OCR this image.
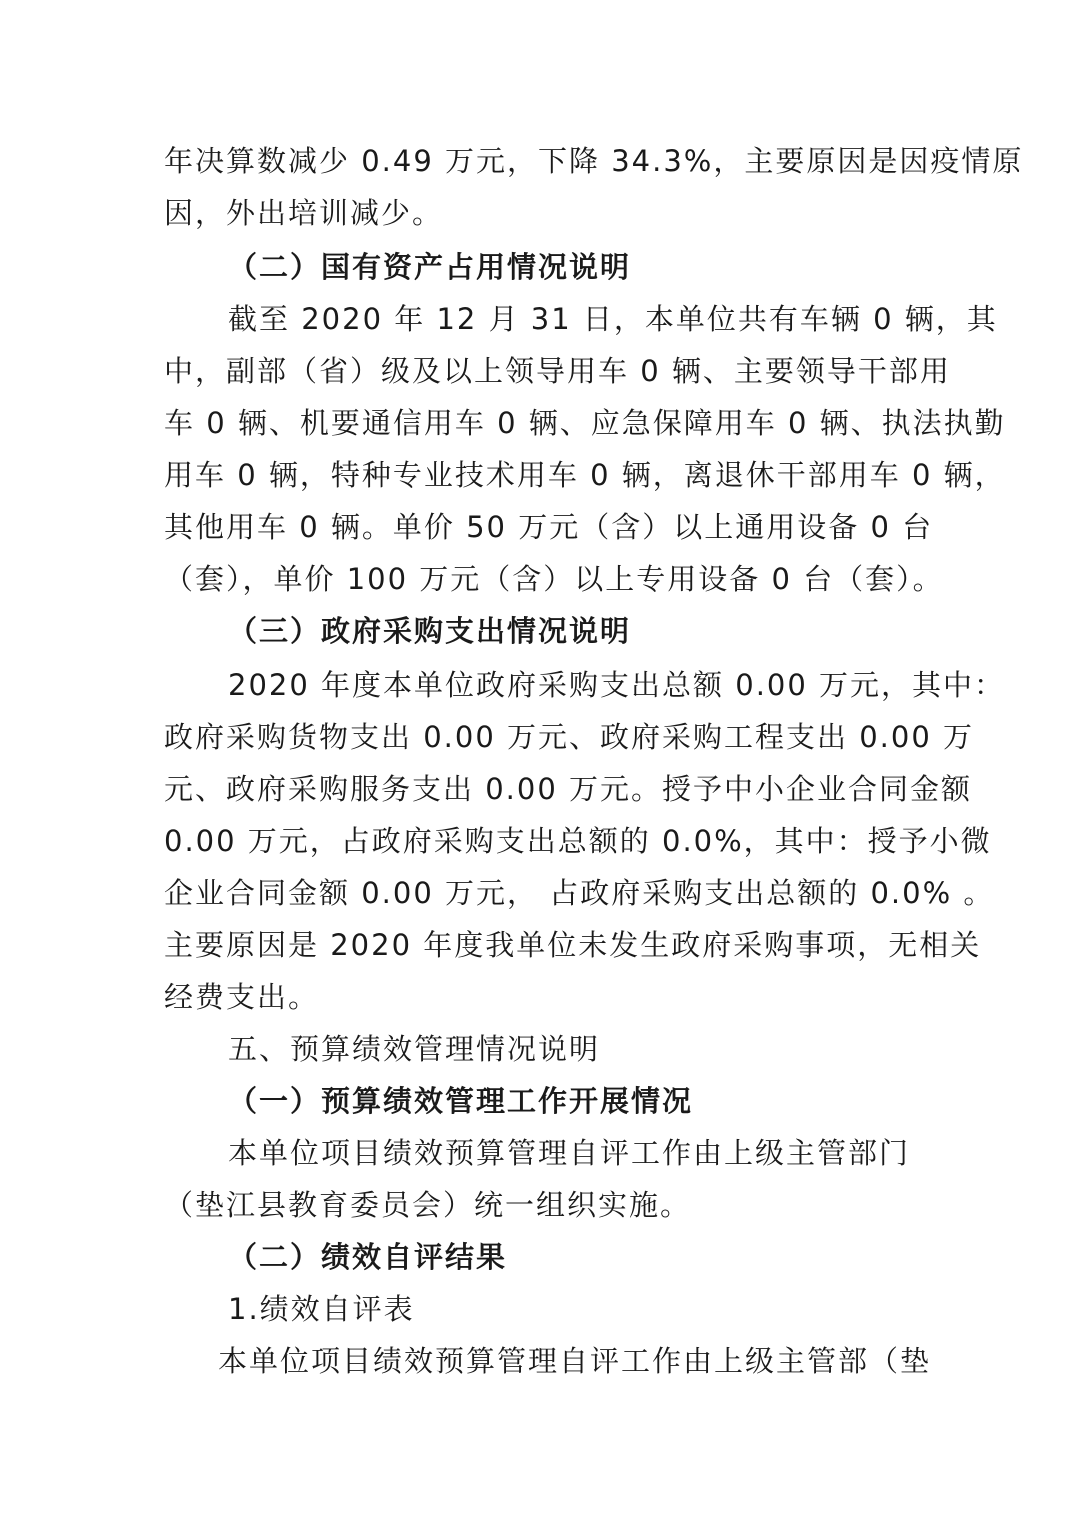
年决算数减少 0.49 万元，下降 34.3%，主要原因是因疫情原
因，外出培训减少。
（二）国有资产占用情况说明
截至 2020 年 12 月 31 日，本单位共有车辆 0 辆，其
中，副部（省）级及以上领导用车 0 辆、主要领导干部用
车 0 辆、机要通信用车 0 辆、应急保障用车 0 辆、执法执勤
用车 0 辆，特种专业技术用车 0 辆，离退休干部用车 0 辆，
其他用车 0 辆。单价 50 万元（含）以上通用设备 0 台
（套），单价 100 万元（含）以上专用设备 0 台（套）。
（三）政府采购支出情况说明
2020 年度本单位政府采购支出总额 0.00 万元，其中：
政府采购货物支出 0.00 万元、政府采购工程支出 0.00 万
元、政府采购服务支出 0.00 万元。授予中小企业合同金额
0.00 万元，占政府采购支出总额的 0.0%，其中：授予小微
企业合同金额 0.00 万元， 占政府采购支出总额的 0.0% 。
主要原因是 2020 年度我单位未发生政府采购事项，无相关
经费支出。
五、预算绩效管理情况说明
（一）预算绩效管理工作开展情况
本单位项目绩效预算管理自评工作由上级主管部门
（垫江县教育委员会）统一组织实施。
（二）绩效自评结果
1.绩效自评表
本单位项目绩效预算管理自评工作由上级主管部（垫
